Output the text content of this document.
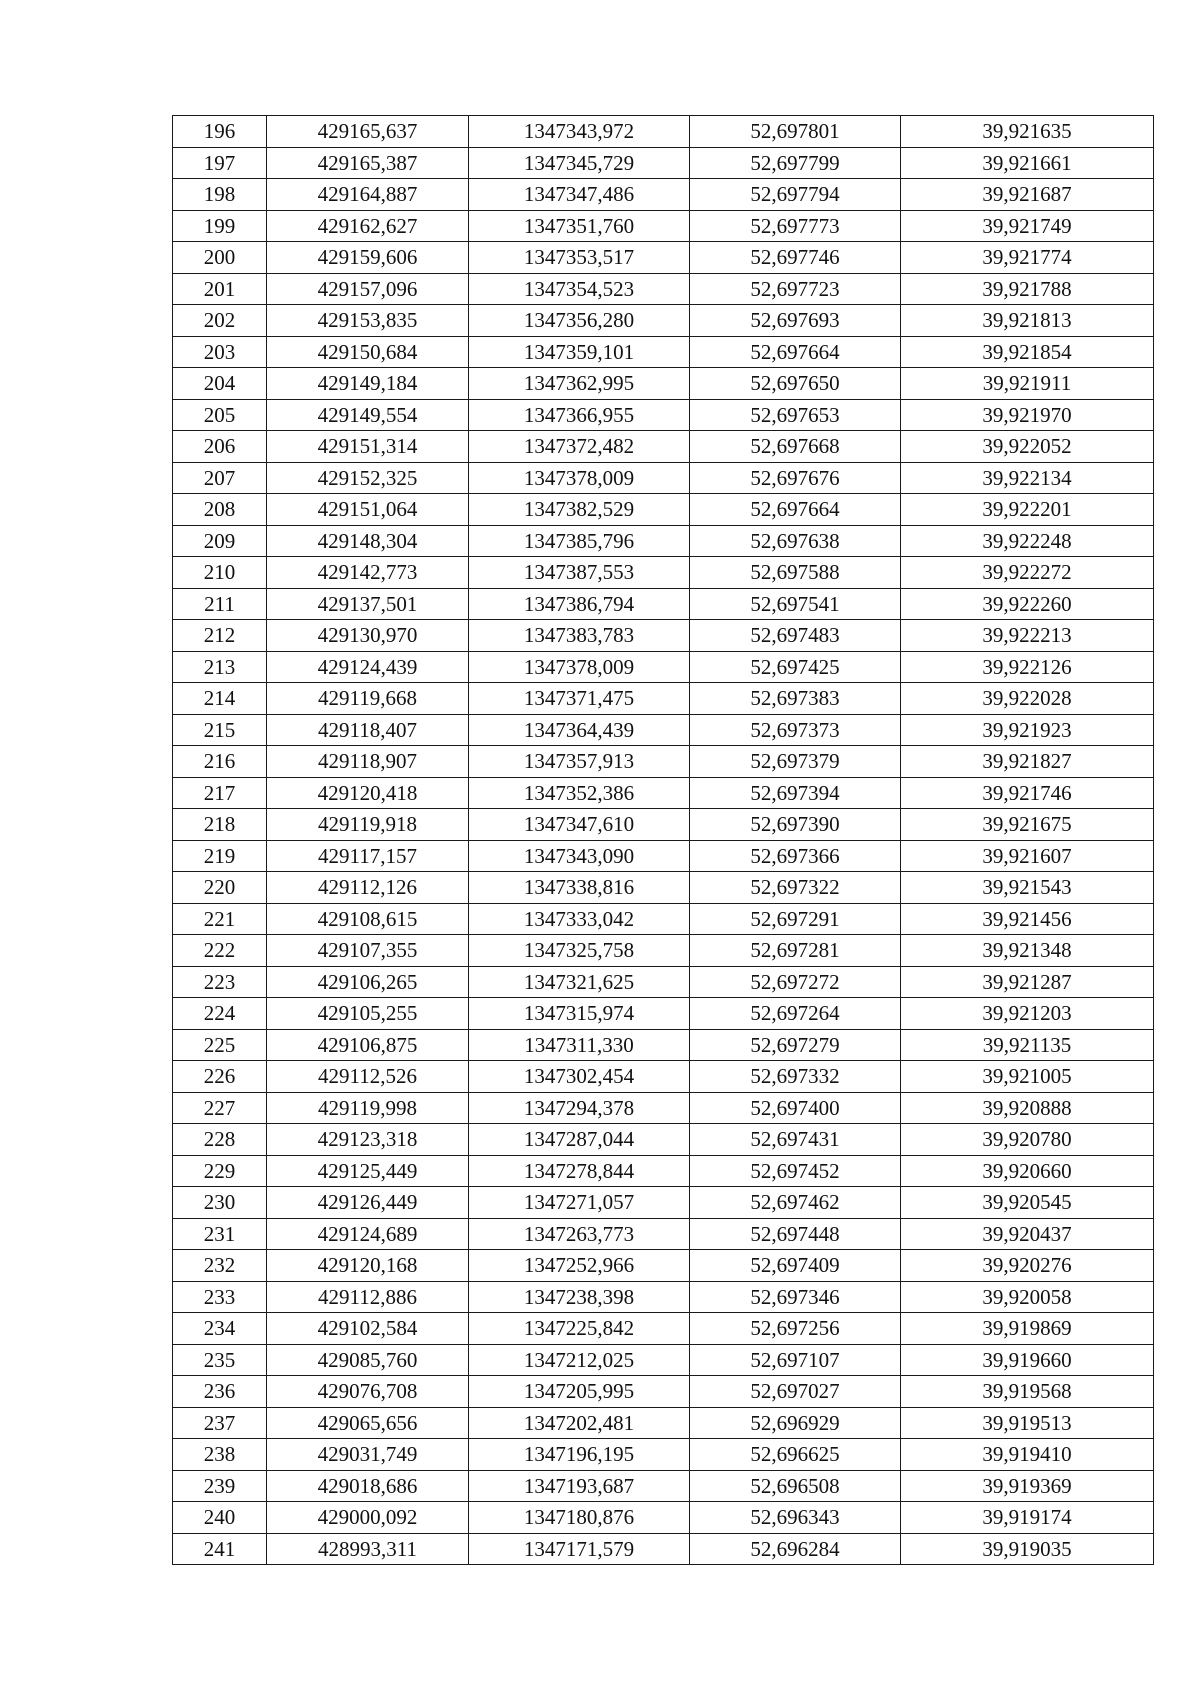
196	429165,637	1347343,972	52,697801	39,921635
197	429165,387	1347345,729	52,697799	39,921661
198	429164,887	1347347,486	52,697794	39,921687
199	429162,627	1347351,760	52,697773	39,921749
200	429159,606	1347353,517	52,697746	39,921774
201	429157,096	1347354,523	52,697723	39,921788
202	429153,835	1347356,280	52,697693	39,921813
203	429150,684	1347359,101	52,697664	39,921854
204	429149,184	1347362,995	52,697650	39,921911
205	429149,554	1347366,955	52,697653	39,921970
206	429151,314	1347372,482	52,697668	39,922052
207	429152,325	1347378,009	52,697676	39,922134
208	429151,064	1347382,529	52,697664	39,922201
209	429148,304	1347385,796	52,697638	39,922248
210	429142,773	1347387,553	52,697588	39,922272
211	429137,501	1347386,794	52,697541	39,922260
212	429130,970	1347383,783	52,697483	39,922213
213	429124,439	1347378,009	52,697425	39,922126
214	429119,668	1347371,475	52,697383	39,922028
215	429118,407	1347364,439	52,697373	39,921923
216	429118,907	1347357,913	52,697379	39,921827
217	429120,418	1347352,386	52,697394	39,921746
218	429119,918	1347347,610	52,697390	39,921675
219	429117,157	1347343,090	52,697366	39,921607
220	429112,126	1347338,816	52,697322	39,921543
221	429108,615	1347333,042	52,697291	39,921456
222	429107,355	1347325,758	52,697281	39,921348
223	429106,265	1347321,625	52,697272	39,921287
224	429105,255	1347315,974	52,697264	39,921203
225	429106,875	1347311,330	52,697279	39,921135
226	429112,526	1347302,454	52,697332	39,921005
227	429119,998	1347294,378	52,697400	39,920888
228	429123,318	1347287,044	52,697431	39,920780
229	429125,449	1347278,844	52,697452	39,920660
230	429126,449	1347271,057	52,697462	39,920545
231	429124,689	1347263,773	52,697448	39,920437
232	429120,168	1347252,966	52,697409	39,920276
233	429112,886	1347238,398	52,697346	39,920058
234	429102,584	1347225,842	52,697256	39,919869
235	429085,760	1347212,025	52,697107	39,919660
236	429076,708	1347205,995	52,697027	39,919568
237	429065,656	1347202,481	52,696929	39,919513
238	429031,749	1347196,195	52,696625	39,919410
239	429018,686	1347193,687	52,696508	39,919369
240	429000,092	1347180,876	52,696343	39,919174
241	428993,311	1347171,579	52,696284	39,919035
